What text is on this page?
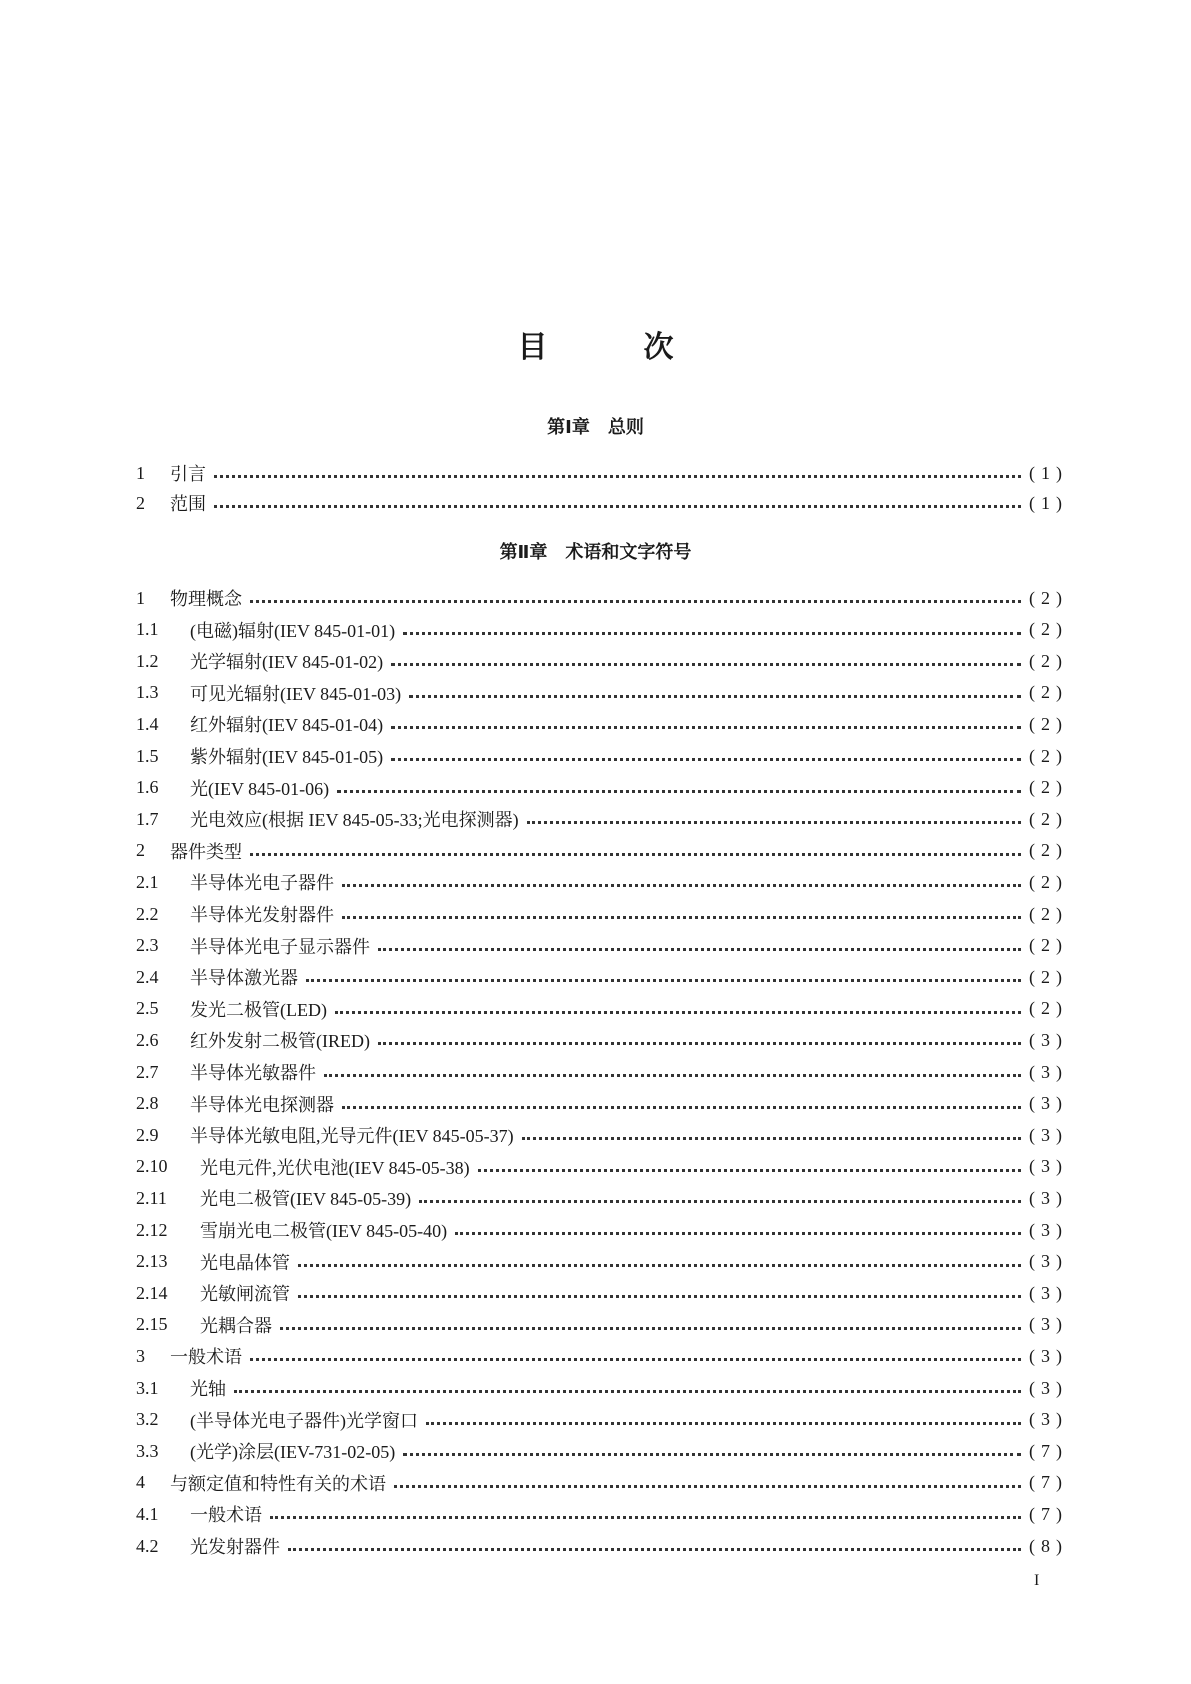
目	次
第Ⅰ章　总则
1	引言	(1)
2	范围	(1)
第Ⅱ章　术语和文字符号
1	物理概念	(2)
1.1	(电磁)辐射(IEV 845-01-01)	(2)
1.2	光学辐射(IEV 845-01-02)	(2)
1.3	可见光辐射(IEV 845-01-03)	(2)
1.4	红外辐射(IEV 845-01-04)	(2)
1.5	紫外辐射(IEV 845-01-05)	(2)
1.6	光(IEV 845-01-06)	(2)
1.7	光电效应(根据 IEV 845-05-33;光电探测器)	(2)
2	器件类型	(2)
2.1	半导体光电子器件	(2)
2.2	半导体光发射器件	(2)
2.3	半导体光电子显示器件	(2)
2.4	半导体激光器	(2)
2.5	发光二极管(LED)	(2)
2.6	红外发射二极管(IRED)	(3)
2.7	半导体光敏器件	(3)
2.8	半导体光电探测器	(3)
2.9	半导体光敏电阻,光导元件(IEV 845-05-37)	(3)
2.10	光电元件,光伏电池(IEV 845-05-38)	(3)
2.11	光电二极管(IEV 845-05-39)	(3)
2.12	雪崩光电二极管(IEV 845-05-40)	(3)
2.13	光电晶体管	(3)
2.14	光敏闸流管	(3)
2.15	光耦合器	(3)
3	一般术语	(3)
3.1	光轴	(3)
3.2	(半导体光电子器件)光学窗口	(3)
3.3	(光学)涂层(IEV-731-02-05)	(7)
4	与额定值和特性有关的术语	(7)
4.1	一般术语	(7)
4.2	光发射器件	(8)
I
